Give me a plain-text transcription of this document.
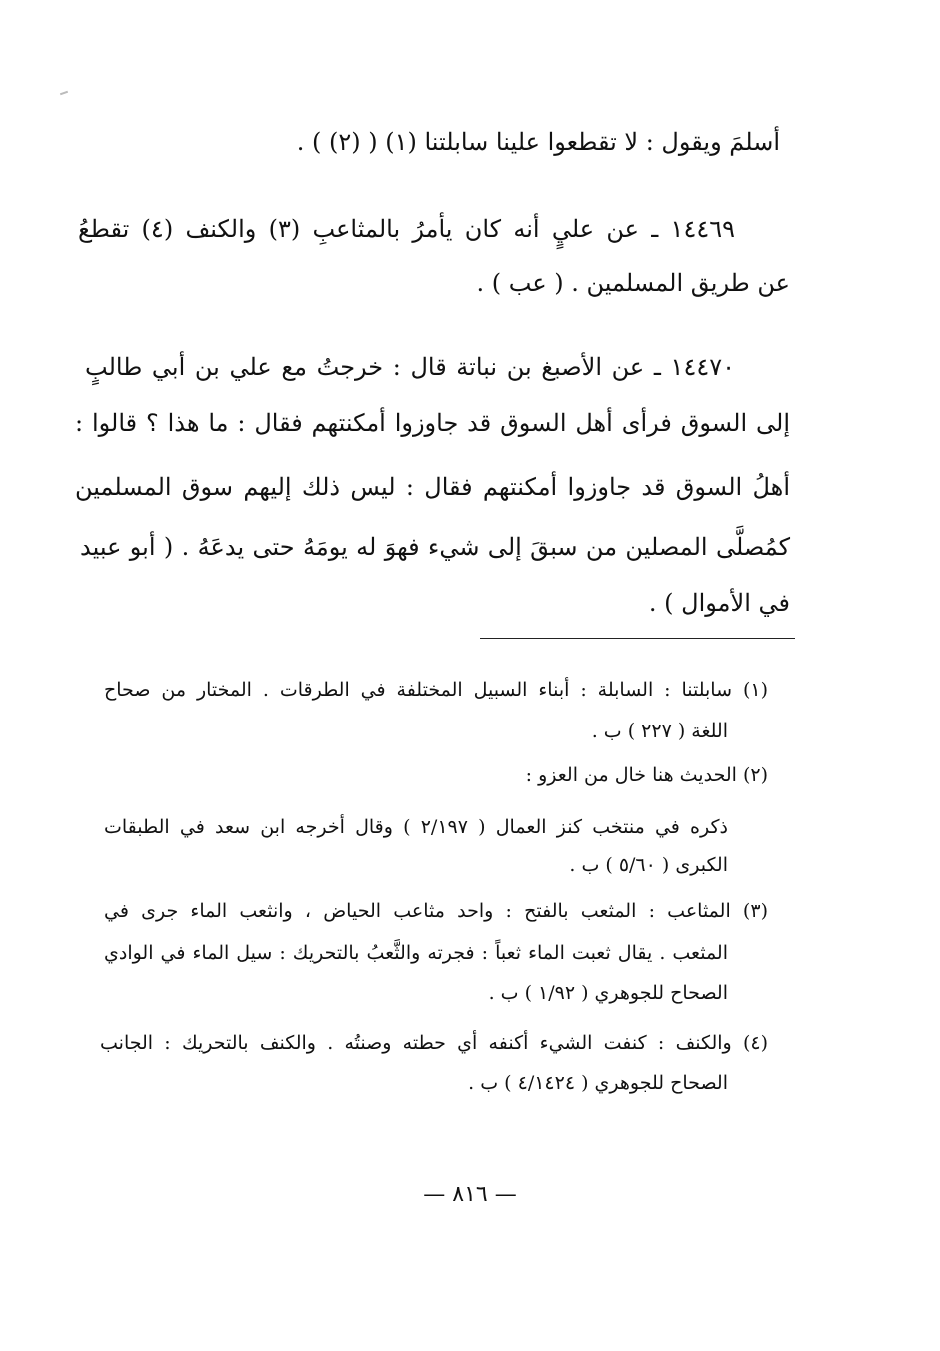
أسلمَ ويقول : لا تقطعوا علينا سابلتنا (١) ( (٢) ) .
١٤٤٦٩ ـ عن عليٍ أنه كان يأمرُ بالمثاعبِ (٣) والكنف (٤) تقطعُ
عن طريق المسلمين . ( عب ) .
١٤٤٧٠ ـ عن الأصبغ بن نباتة قال : خرجتُ مع علي بن أبي طالبٍ
إلى السوق فرأى أهل السوق قد جاوزوا أمكنتهم فقال : ما هذا ؟ قالوا :
أهلُ السوق قد جاوزوا أمكنتهم فقال : ليس ذلك إليهم سوق المسلمين
كمُصلَّى المصلين من سبقَ إلى شيء فهوَ له يومَهُ حتى يدعَهُ . ( أبو عبيد
في الأموال ) .
(١) سابلتنا : السابلة : أبناء السبيل المختلفة في الطرقات . المختار من صحاح
اللغة ( ٢٢٧ ) ب .
(٢) الحديث هنا خال من العزو :
ذكره في منتخب كنز العمال ( ٢/١٩٧ ) وقال أخرجه ابن سعد في الطبقات
الكبرى ( ٥/٦٠ ) ب .
(٣) المثاعب : المثعب بالفتح : واحد مثاعب الحياض ، وانثعب الماء جرى في
المثعب . يقال ثعبت الماء ثعباً : فجرته والثَّعبُ بالتحريك : سيل الماء في الوادي
الصحاح للجوهري ( ١/٩٢ ) ب .
(٤) والكنف : كنفت الشيء أكنفه أي حطته وصنتُه . والكنف بالتحريك : الجانب
الصحاح للجوهري ( ٤/١٤٢٤ ) ب .
— ٨١٦ —
